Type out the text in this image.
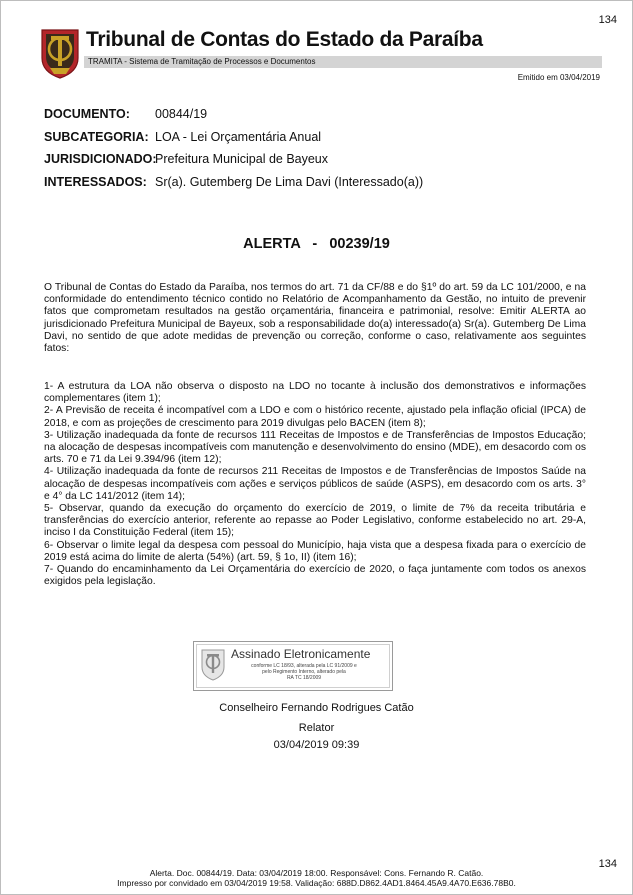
134
Tribunal de Contas do Estado da Paraíba
TRAMITA - Sistema de Tramitação de Processos e Documentos
Emitido em 03/04/2019
DOCUMENTO:	00844/19
SUBCATEGORIA: LOA - Lei Orçamentária Anual
JURISDICIONADO:
Prefeitura Municipal de Bayeux
INTERESSADOS: Sr(a). Gutemberg De Lima Davi (Interessado(a))
ALERTA - 00239/19
O Tribunal de Contas do Estado da Paraíba, nos termos do art. 71 da CF/88 e do §1º do art. 59 da LC 101/2000, e na conformidade do entendimento técnico contido no Relatório de Acompanhamento da Gestão, no intuito de prevenir fatos que comprometam resultados na gestão orçamentária, financeira e patrimonial, resolve: Emitir ALERTA ao jurisdicionado Prefeitura Municipal de Bayeux, sob a responsabilidade do(a) interessado(a) Sr(a). Gutemberg De Lima Davi, no sentido de que adote medidas de prevenção ou correção, conforme o caso, relativamente aos seguintes fatos:

1- A estrutura da LOA não observa o disposto na LDO no tocante à inclusão dos demonstrativos e informações complementares (item 1);

2- A Previsão de receita é incompatível com a LDO e com o histórico recente, ajustado pela inflação oficial (IPCA) de 2018, e com as projeções de crescimento para 2019 divulgas pelo BACEN (item 8);

3- Utilização inadequada da fonte de recursos 111 Receitas de Impostos e de Transferências de Impostos Educação; na alocação de despesas incompatíveis com manutenção e desenvolvimento do ensino (MDE), em desacordo com os arts. 70 e 71 da Lei 9.394/96 (item 12);

4- Utilização inadequada da fonte de recursos 211 Receitas de Impostos e de Transferências de Impostos Saúde na alocação de despesas incompatíveis com ações e serviços públicos de saúde (ASPS), em desacordo com os arts. 3° e 4° da LC 141/2012 (item 14);

5- Observar, quando da execução do orçamento do exercício de 2019, o limite de 7% da receita tributária e transferências do exercício anterior, referente ao repasse ao Poder Legislativo, conforme estabelecido no art. 29-A, inciso I da Constituição Federal (item 15);

6- Observar o limite legal da despesa com pessoal do Município, haja vista que a despesa fixada para o exercício de 2019 está acima do limite de alerta (54%) (art. 59, § 1o, II) (item 16);

7- Quando do encaminhamento da Lei Orçamentária do exercício de 2020, o faça juntamente com todos os anexos exigidos pela legislação.

Assinado Eletronicamente
conforme LC 18/93, alterada pela LC 91/2009 e
pelo Regimento Interno, alterado pela
RA TC 18/2009
Conselheiro Fernando Rodrigues Catão
Relator
03/04/2019 09:39
134
Alerta. Doc. 00844/19. Data: 03/04/2019 18:00. Responsável: Cons. Fernando R. Catão.
Impresso por convidado em 03/04/2019 19:58. Validação: 688D.D862.4AD1.8464.45A9.4A70.E636.78B0.
